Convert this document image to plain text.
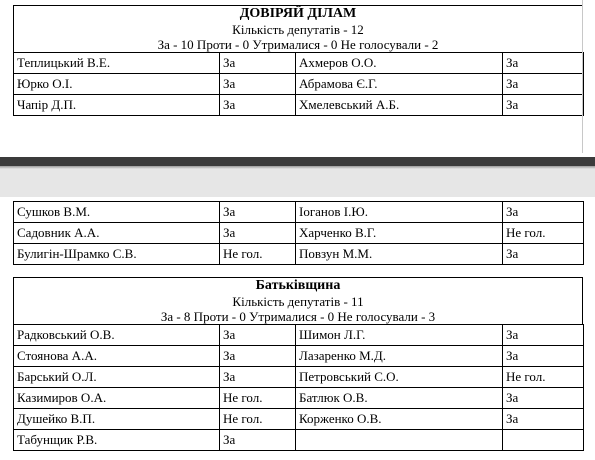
ДОВІРЯЙ ДІЛАМ
Кількість депутатів - 12
За - 10 Проти - 0 Утрималися - 0 Не голосували - 2
Теплицький В.Е.	За	Ахмеров О.О.	За
Юрко О.І.	За	Абрамова Є.Г.	За
Чапір Д.П.	За	Хмелевський А.Б.	За
Сушков В.М.	За	Іоганов І.Ю.	За
Садовник А.А.	За	Харченко В.Г.	Не гол.
Булигін-Шрамко С.В.	Не гол.	Повзун М.М.	За
Батьківщина
Кількість депутатів - 11
За - 8 Проти - 0 Утрималися - 0 Не голосували - 3
Радковський О.В.	За	Шимон Л.Г.	За
Стоянова А.А.	За	Лазаренко М.Д.	За
Барський О.Л.	За	Петровський С.О.	Не гол.
Казимиров О.А.	Не гол.	Батлюк О.В.	За
Душейко В.П.	Не гол.	Корженко О.В.	За
Табунщик Р.В.	За		
